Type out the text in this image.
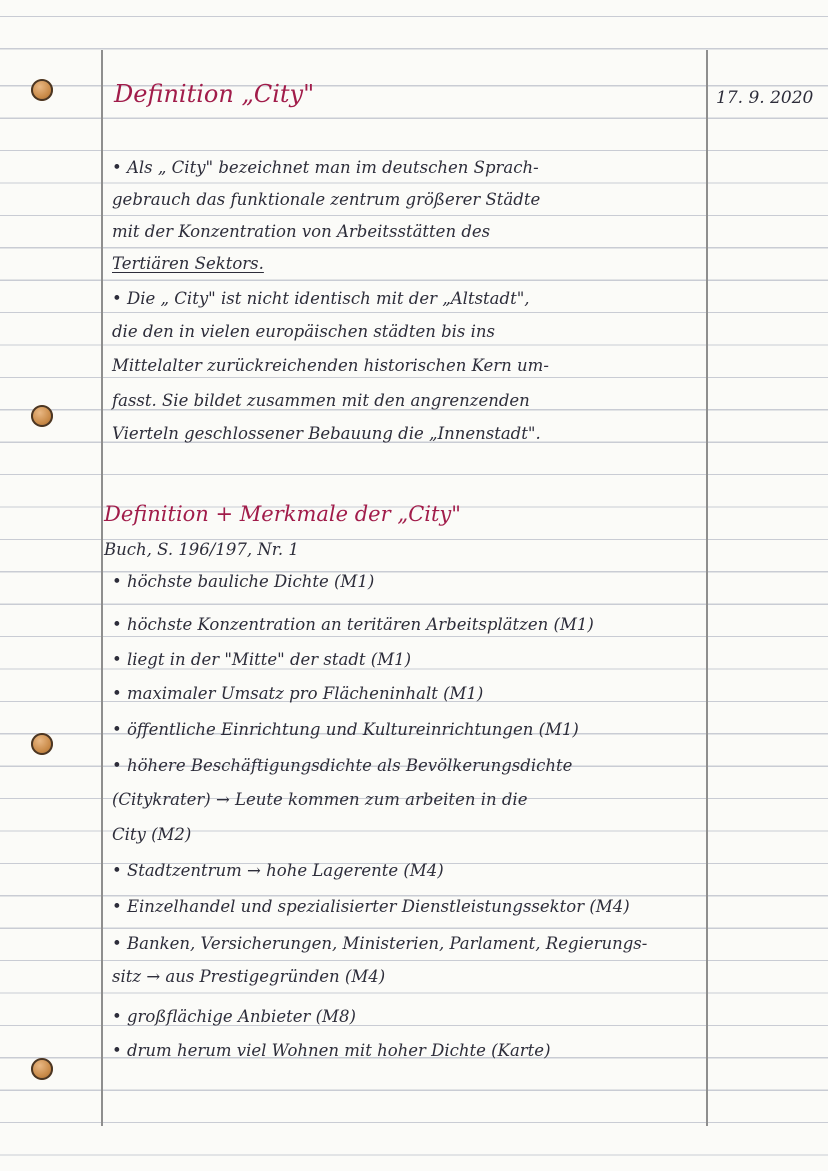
Definition „City"	17. 9. 2020
• Als „ City" bezeichnet man im deutschen Sprach-
gebrauch das funktionale zentrum größerer Städte
mit der Konzentration von Arbeitsstätten des
Tertiären Sektors.
• Die „ City" ist nicht identisch mit der „Altstadt",
die den in vielen europäischen städten bis ins
Mittelalter zurückreichenden historischen Kern um-
fasst. Sie bildet zusammen mit den angrenzenden
Vierteln geschlossener Bebauung die „Innenstadt".
Definition + Merkmale der „City"
Buch, S. 196/197, Nr. 1
• höchste bauliche Dichte (M1)
• höchste Konzentration an teritären Arbeitsplätzen (M1)
• liegt in der "Mitte" der stadt (M1)
• maximaler Umsatz pro Flächeninhalt (M1)
• öffentliche Einrichtung und Kultureinrichtungen (M1)
• höhere Beschäftigungsdichte als Bevölkerungsdichte
(Citykrater) → Leute kommen zum arbeiten in die
City (M2)
• Stadtzentrum → hohe Lagerente (M4)
• Einzelhandel und spezialisierter Dienstleistungssektor (M4)
• Banken, Versicherungen, Ministerien, Parlament, Regierungs-
sitz → aus Prestigegründen (M4)
• großflächige Anbieter (M8)
• drum herum viel Wohnen mit hoher Dichte (Karte)
